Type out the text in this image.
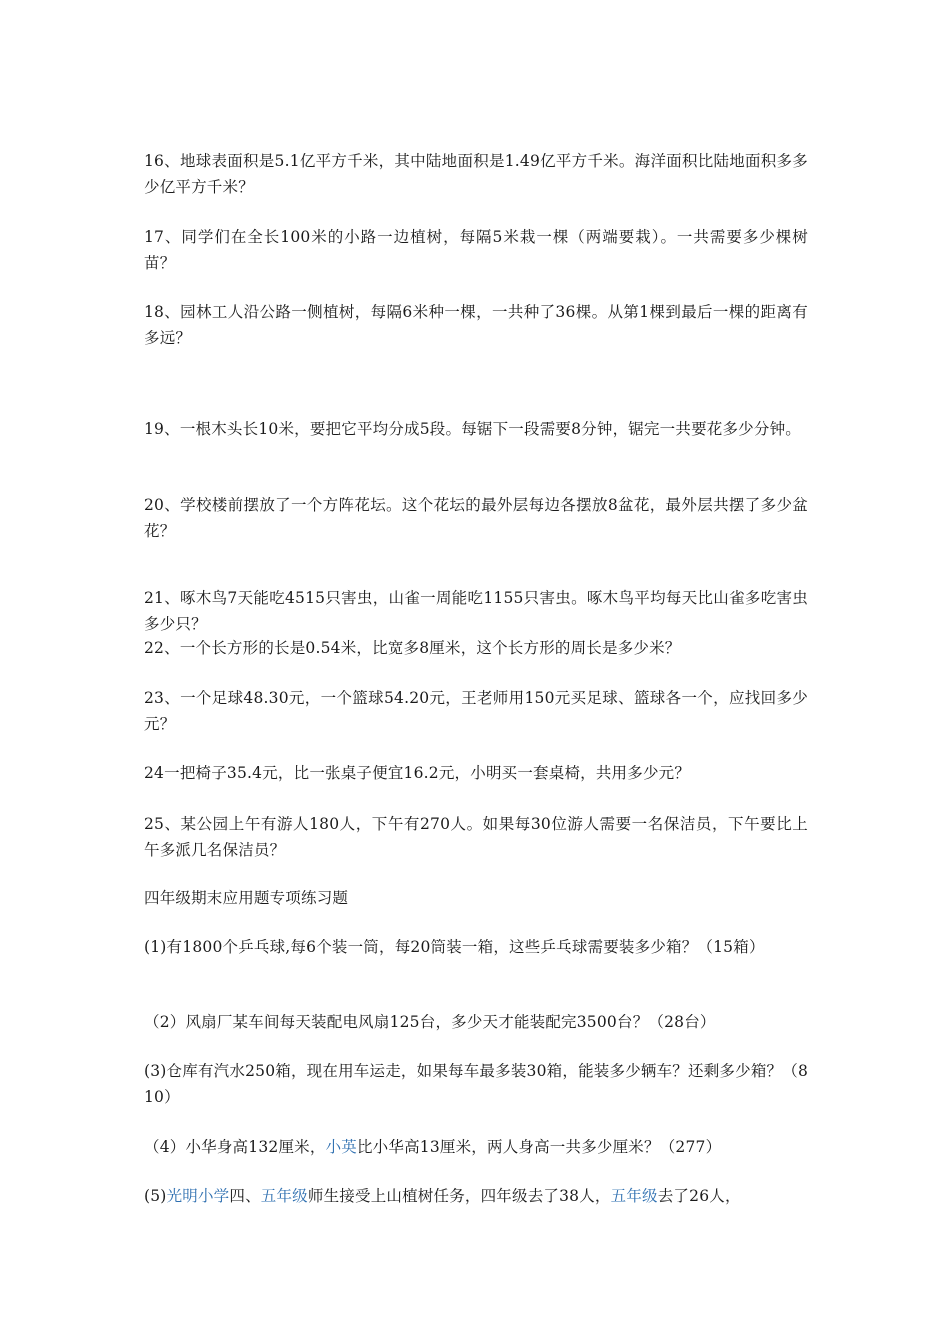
16、地球表面积是5.1亿平方千米，其中陆地面积是1.49亿平方千米。海洋面积比陆地面积多多少亿平方千米？

17、同学们在全长100米的小路一边植树，每隔5米栽一棵（两端要栽）。一共需要多少棵树苗？

18、园林工人沿公路一侧植树，每隔6米种一棵，一共种了36棵。从第1棵到最后一棵的距离有多远？

19、一根木头长10米，要把它平均分成5段。每锯下一段需要8分钟，锯完一共要花多少分钟。

20、学校楼前摆放了一个方阵花坛。这个花坛的最外层每边各摆放8盆花，最外层共摆了多少盆花？

21、啄木鸟7天能吃4515只害虫，山雀一周能吃1155只害虫。啄木鸟平均每天比山雀多吃害虫多少只？

22、一个长方形的长是0.54米，比宽多8厘米，这个长方形的周长是多少米？

23、一个足球48.30元，一个篮球54.20元，王老师用150元买足球、篮球各一个，应找回多少元？

24一把椅子35.4元，比一张桌子便宜16.2元，小明买一套桌椅，共用多少元？

25、某公园上午有游人180人，下午有270人。如果每30位游人需要一名保洁员，下午要比上午多派几名保洁员？

四年级期末应用题专项练习题

(1)有1800个乒乓球,每6个装一筒，每20筒装一箱，这些乒乓球需要装多少箱？（15箱）

（2）风扇厂某车间每天装配电风扇125台，多少天才能装配完3500台？（28台）

(3)仓库有汽水250箱，现在用车运走，如果每车最多装30箱，能装多少辆车？还剩多少箱？（8　 10）

（4）小华身高132厘米，小英比小华高13厘米，两人身高一共多少厘米？（277）

(5)光明小学四、五年级师生接受上山植树任务，四年级去了38人，五年级去了26人，
